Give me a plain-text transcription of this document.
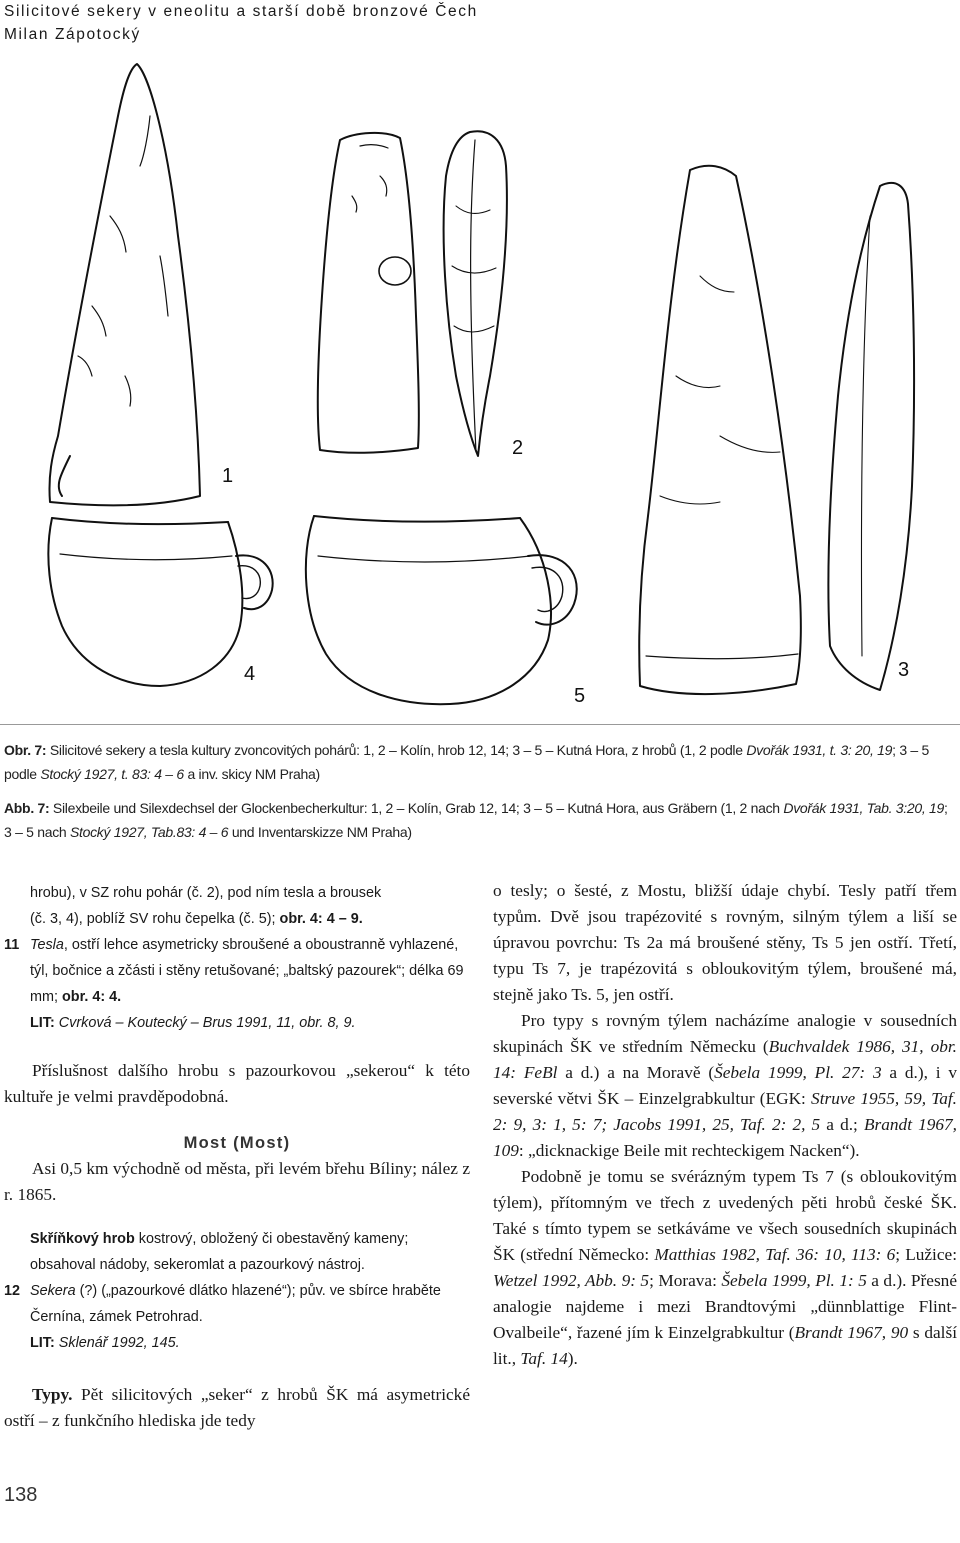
Silicitové sekery v eneolitu a starší době bronzové Čech
Milan Zápotocký
1
2
3
4
5

Obr. 7: Silicitové sekery a tesla kultury zvoncovitých pohárů: 1, 2 – Kolín, hrob 12, 14; 3 – 5 – Kutná Hora, z hrobů (1, 2 podle Dvořák 1931, t. 3: 20, 19; 3 – 5 podle Stocký 1927, t. 83: 4 – 6 a inv. skicy NM Praha)

Abb. 7: Silexbeile und Silexdechsel der Glockenbecherkultur: 1, 2 – Kolín, Grab 12, 14; 3 – 5 – Kutná Hora, aus Gräbern (1, 2 nach Dvořák 1931, Tab. 3:20, 19; 3 – 5 nach Stocký 1927, Tab.83: 4 – 6 und Inventarskizze NM Praha)

hrobu), v SZ rohu pohár (č. 2), pod ním tesla a brousek
(č. 3, 4), poblíž SV rohu čepelka (č. 5); obr. 4: 4 – 9.

11 Tesla, ostří lehce asymetricky sbroušené a oboustranně vyhlazené, týl, bočnice a zčásti i stěny retušované; „baltský pazourek“; délka 69 mm; obr. 4: 4.

LIT: Cvrková – Koutecký – Brus 1991, 11, obr. 8, 9.

Příslušnost dalšího hrobu s pazourkovou „sekerou“ k této kultuře je velmi pravděpodobná.

Most (Most)

Asi 0,5 km východně od města, při levém břehu Bíliny; nález z r. 1865.

Skříňkový hrob kostrový, obložený či obestavěný kameny; obsahoval nádoby, sekeromlat a pazourkový nástroj.

12 Sekera (?) („pazourkové dlátko hlazené“); pův. ve sbírce hraběte Černína, zámek Petrohrad.

LIT: Sklenář 1992, 145.

Typy. Pět silicitových „seker“ z hrobů ŠK má asymetrické ostří – z funkčního hlediska jde tedy

o tesly; o šesté, z Mostu, bližší údaje chybí. Tesly patří třem typům. Dvě jsou trapézovité s rovným, silným týlem a liší se úpravou povrchu: Ts 2a má broušené stěny, Ts 5 jen ostří. Třetí, typu Ts 7, je trapézovitá s obloukovitým týlem, broušené má, stejně jako Ts. 5, jen ostří.

Pro typy s rovným týlem nacházíme analogie v sousedních skupinách ŠK ve středním Německu (Buchvaldek 1986, 31, obr. 14: FeBl a d.) a na Moravě (Šebela 1999, Pl. 27: 3 a d.), i v severské větvi ŠK – Einzelgrabkultur (EGK: Struve 1955, 59, Taf. 2: 9, 3: 1, 5: 7; Jacobs 1991, 25, Taf. 2: 2, 5 a d.; Brandt 1967, 109: „dicknackige Beile mit rechteckigem Nacken“).

Podobně je tomu se svérázným typem Ts 7 (s obloukovitým týlem), přítomným ve třech z uvedených pěti hrobů české ŠK. Také s tímto typem se setkáváme ve všech sousedních skupinách ŠK (střední Německo: Matthias 1982, Taf. 36: 10, 113: 6; Lužice: Wetzel 1992, Abb. 9: 5; Morava: Šebela 1999, Pl. 1: 5 a d.). Přesné analogie najdeme i mezi Brandtovými „dünnblattige Flint-Ovalbeile“, řazené jím k Einzelgrabkultur (Brandt 1967, 90 s další lit., Taf. 14).

138
